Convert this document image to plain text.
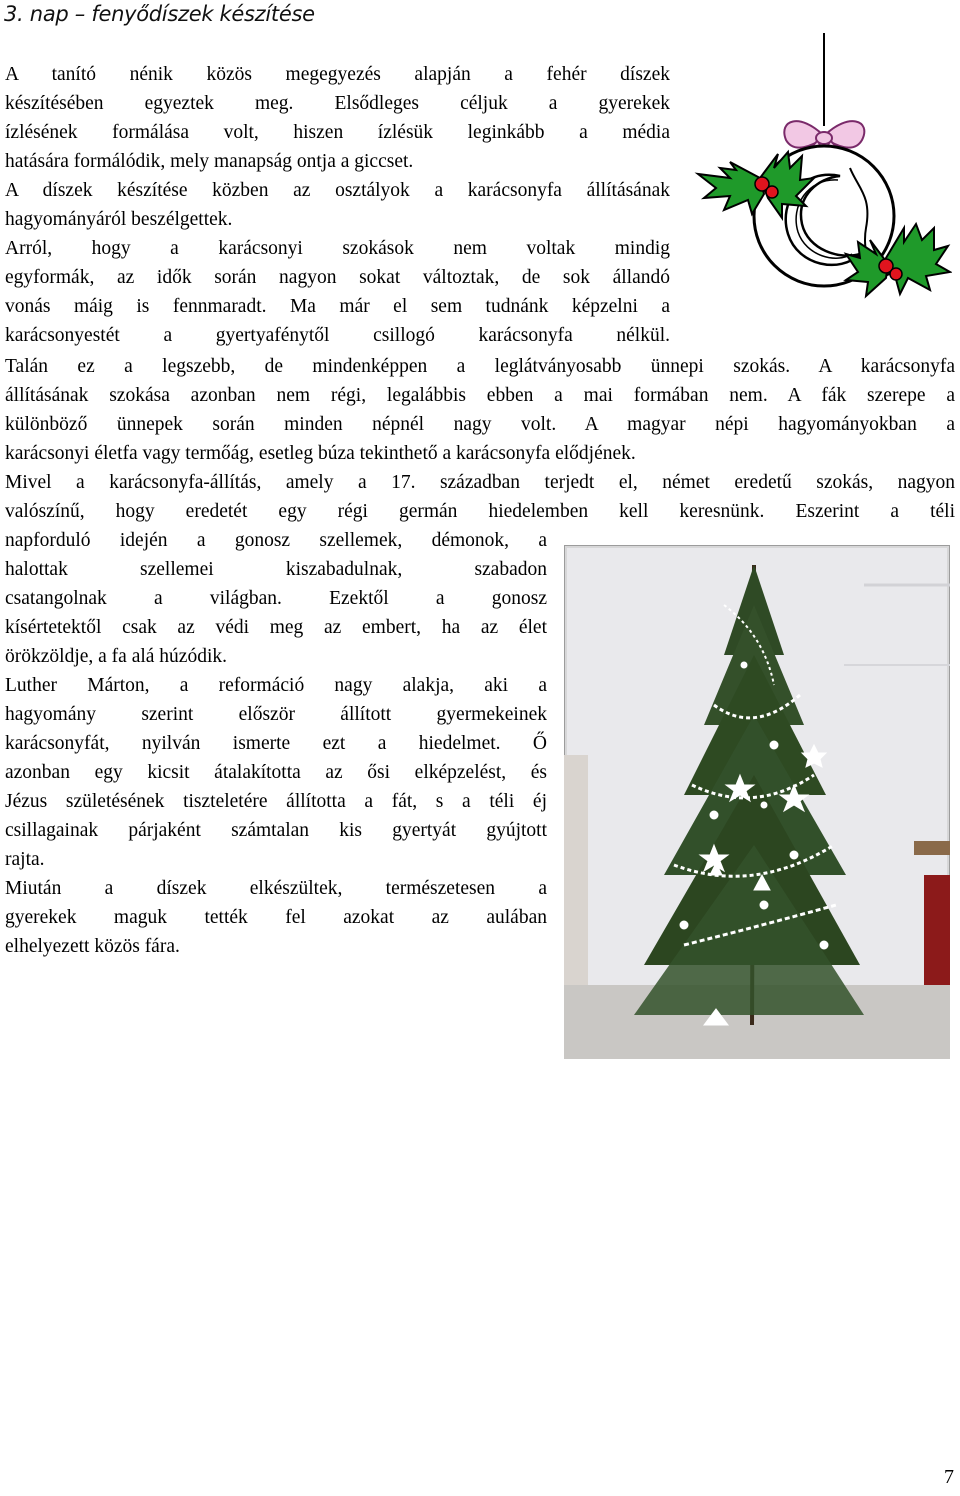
3. nap – fenyődíszek készítése
A tanító nénik közös megegyezés alapján a fehér díszek
készítésében egyeztek meg. Elsődleges céljuk a gyerekek
ízlésének formálása volt, hiszen ízlésük leginkább a média
hatására formálódik, mely manapság ontja a giccset.
A díszek készítése közben az osztályok a karácsonyfa állításának
hagyományáról beszélgettek.
Arról, hogy a karácsonyi szokások nem voltak mindig
egyformák, az idők során nagyon sokat változtak, de sok állandó
vonás máig is fennmaradt. Ma már el sem tudnánk képzelni a
karácsonyestét a gyertyafénytől csillogó karácsonyfa nélkül.
Talán ez a legszebb, de mindenképpen a leglátványosabb ünnepi szokás. A karácsonyfa
állításának szokása azonban nem régi, legalábbis ebben a mai formában nem. A fák szerepe a
különböző ünnepek során minden népnél nagy volt. A magyar népi hagyományokban a
karácsonyi életfa vagy termőág, esetleg búza tekinthető a karácsonyfa elődjének.
Mivel a karácsonyfa-állítás, amely a 17. században terjedt el, német eredetű szokás, nagyon
valószínű, hogy eredetét egy régi germán hiedelemben kell keresnünk. Eszerint a téli
napforduló idején a gonosz szellemek, démonok, a
halottak szellemei kiszabadulnak, szabadon
csatangolnak a világban. Ezektől a gonosz
kísértetektől csak az védi meg az embert, ha az élet
örökzöldje, a fa alá húzódik.
Luther Márton, a reformáció nagy alakja, aki a
hagyomány szerint először állított gyermekeinek
karácsonyfát, nyilván ismerte ezt a hiedelmet. Ő
azonban egy kicsit átalakította az ősi elképzelést, és
Jézus születésének tiszteletére állította a fát, s a téli éj
csillagainak párjaként számtalan kis gyertyát gyújtott
rajta.
Miután a díszek elkészültek, természetesen a
gyerekek maguk tették fel azokat az aulában
elhelyezett közös fára.
7
